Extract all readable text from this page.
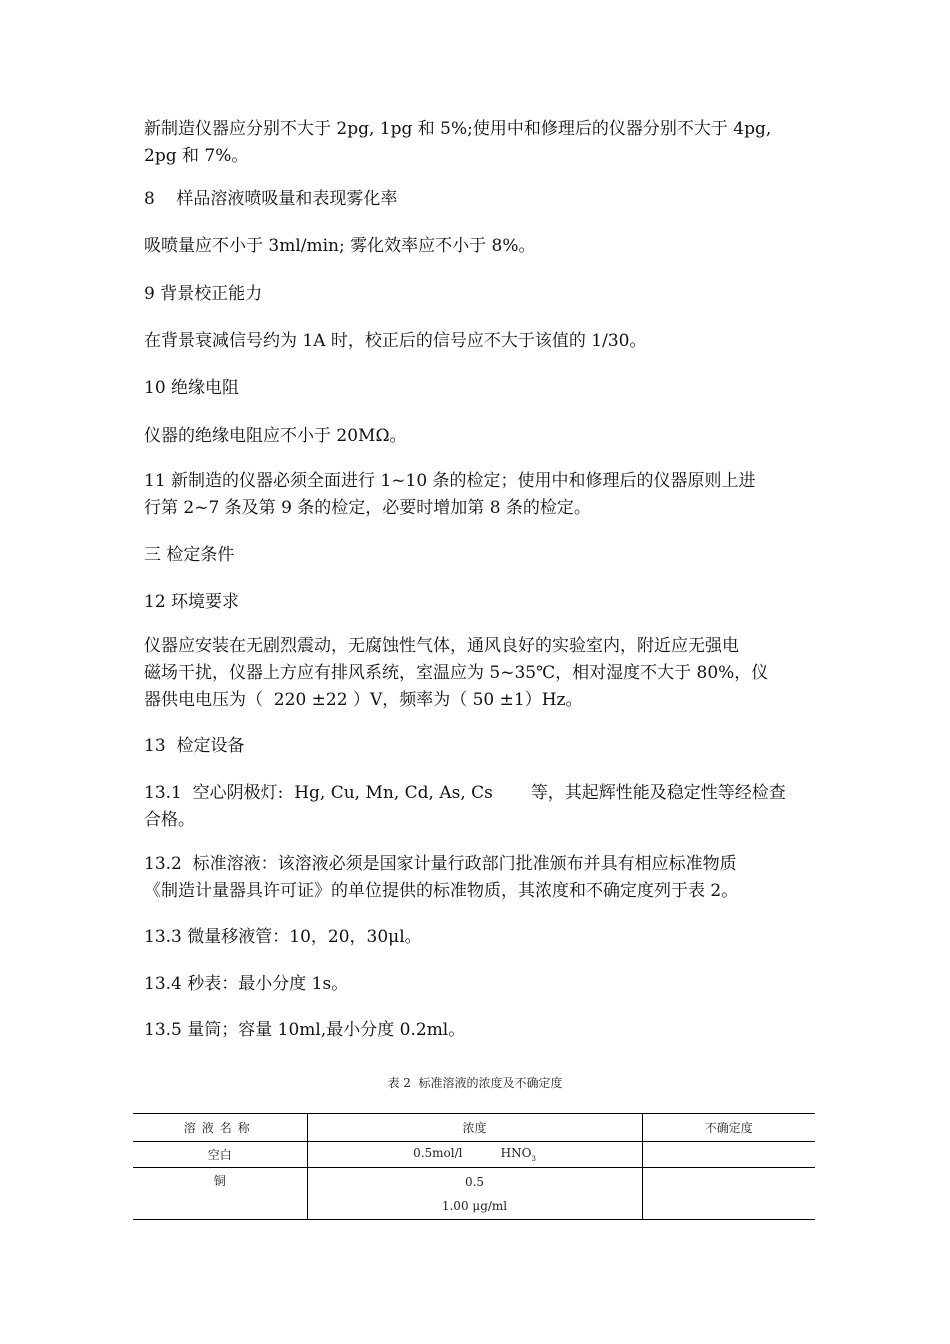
新制造仪器应分别不大于 2pg, 1pg 和 5%;使用中和修理后的仪器分别不大于 4pg,
2pg 和 7%。

8    样品溶液喷吸量和表现雾化率

吸喷量应不小于 3ml/min; 雾化效率应不小于 8%。

9 背景校正能力

在背景衰减信号约为 1A 时，校正后的信号应不大于该值的 1/30。

10 绝缘电阻

仪器的绝缘电阻应不小于 20MΩ。

11 新制造的仪器必须全面进行 1~10 条的检定；使用中和修理后的仪器原则上进
行第 2~7 条及第 9 条的检定，必要时增加第 8 条的检定。

三 检定条件

12 环境要求

仪器应安装在无剧烈震动，无腐蚀性气体，通风良好的实验室内，附近应无强电
磁场干扰，仪器上方应有排风系统，室温应为 5~35℃，相对湿度不大于 80%，仪
器供电电压为（  220 ±22 ）V，频率为（ 50 ±1）Hz。

13  检定设备

13.1  空心阴极灯:  Hg, Cu, Mn, Cd, As, Cs       等，其起辉性能及稳定性等经检查
合格。

13.2  标准溶液：该溶液必须是国家计量行政部门批准颁布并具有相应标准物质
《制造计量器具许可证》的单位提供的标准物质，其浓度和不确定度列于表 2。

13.3 微量移液管：10，20，30μl。

13.4 秒表：最小分度 1s。

13.5 量筒；容量 10ml,最小分度 0.2ml。

表 2  标准溶液的浓度及不确定度
溶液名称	浓度	不确定度
空白	0.5mol/l          $HNO_3$	
铜	0.5
1.00 μg/ml	
